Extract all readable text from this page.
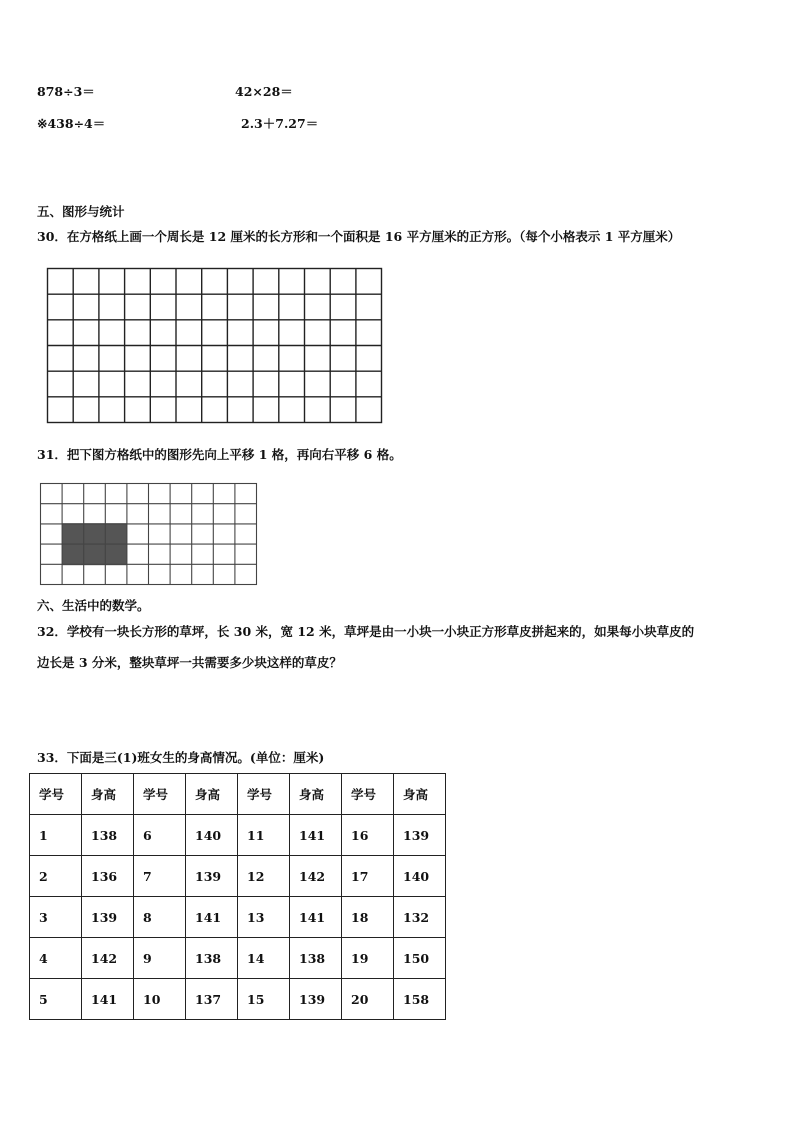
878÷3＝	42×28＝
※438÷4＝	2.3＋7.27＝
五、图形与统计
30．在方格纸上画一个周长是 12 厘米的长方形和一个面积是 16 平方厘米的正方形。（每个小格表示 1 平方厘米）
31．把下图方格纸中的图形先向上平移 1 格，再向右平移 6 格。
六、生活中的数学。
32．学校有一块长方形的草坪，长 30 米，宽 12 米，草坪是由一小块一小块正方形草皮拼起来的，如果每小块草皮的
边长是 3 分米，整块草坪一共需要多少块这样的草皮？
33．下面是三(1)班女生的身高情况。(单位：厘米)
学号	身高	学号	身高	学号	身高	学号	身高
1	138	6	140	11	141	16	139
2	136	7	139	12	142	17	140
3	139	8	141	13	141	18	132
4	142	9	138	14	138	19	150
5	141	10	137	15	139	20	158
